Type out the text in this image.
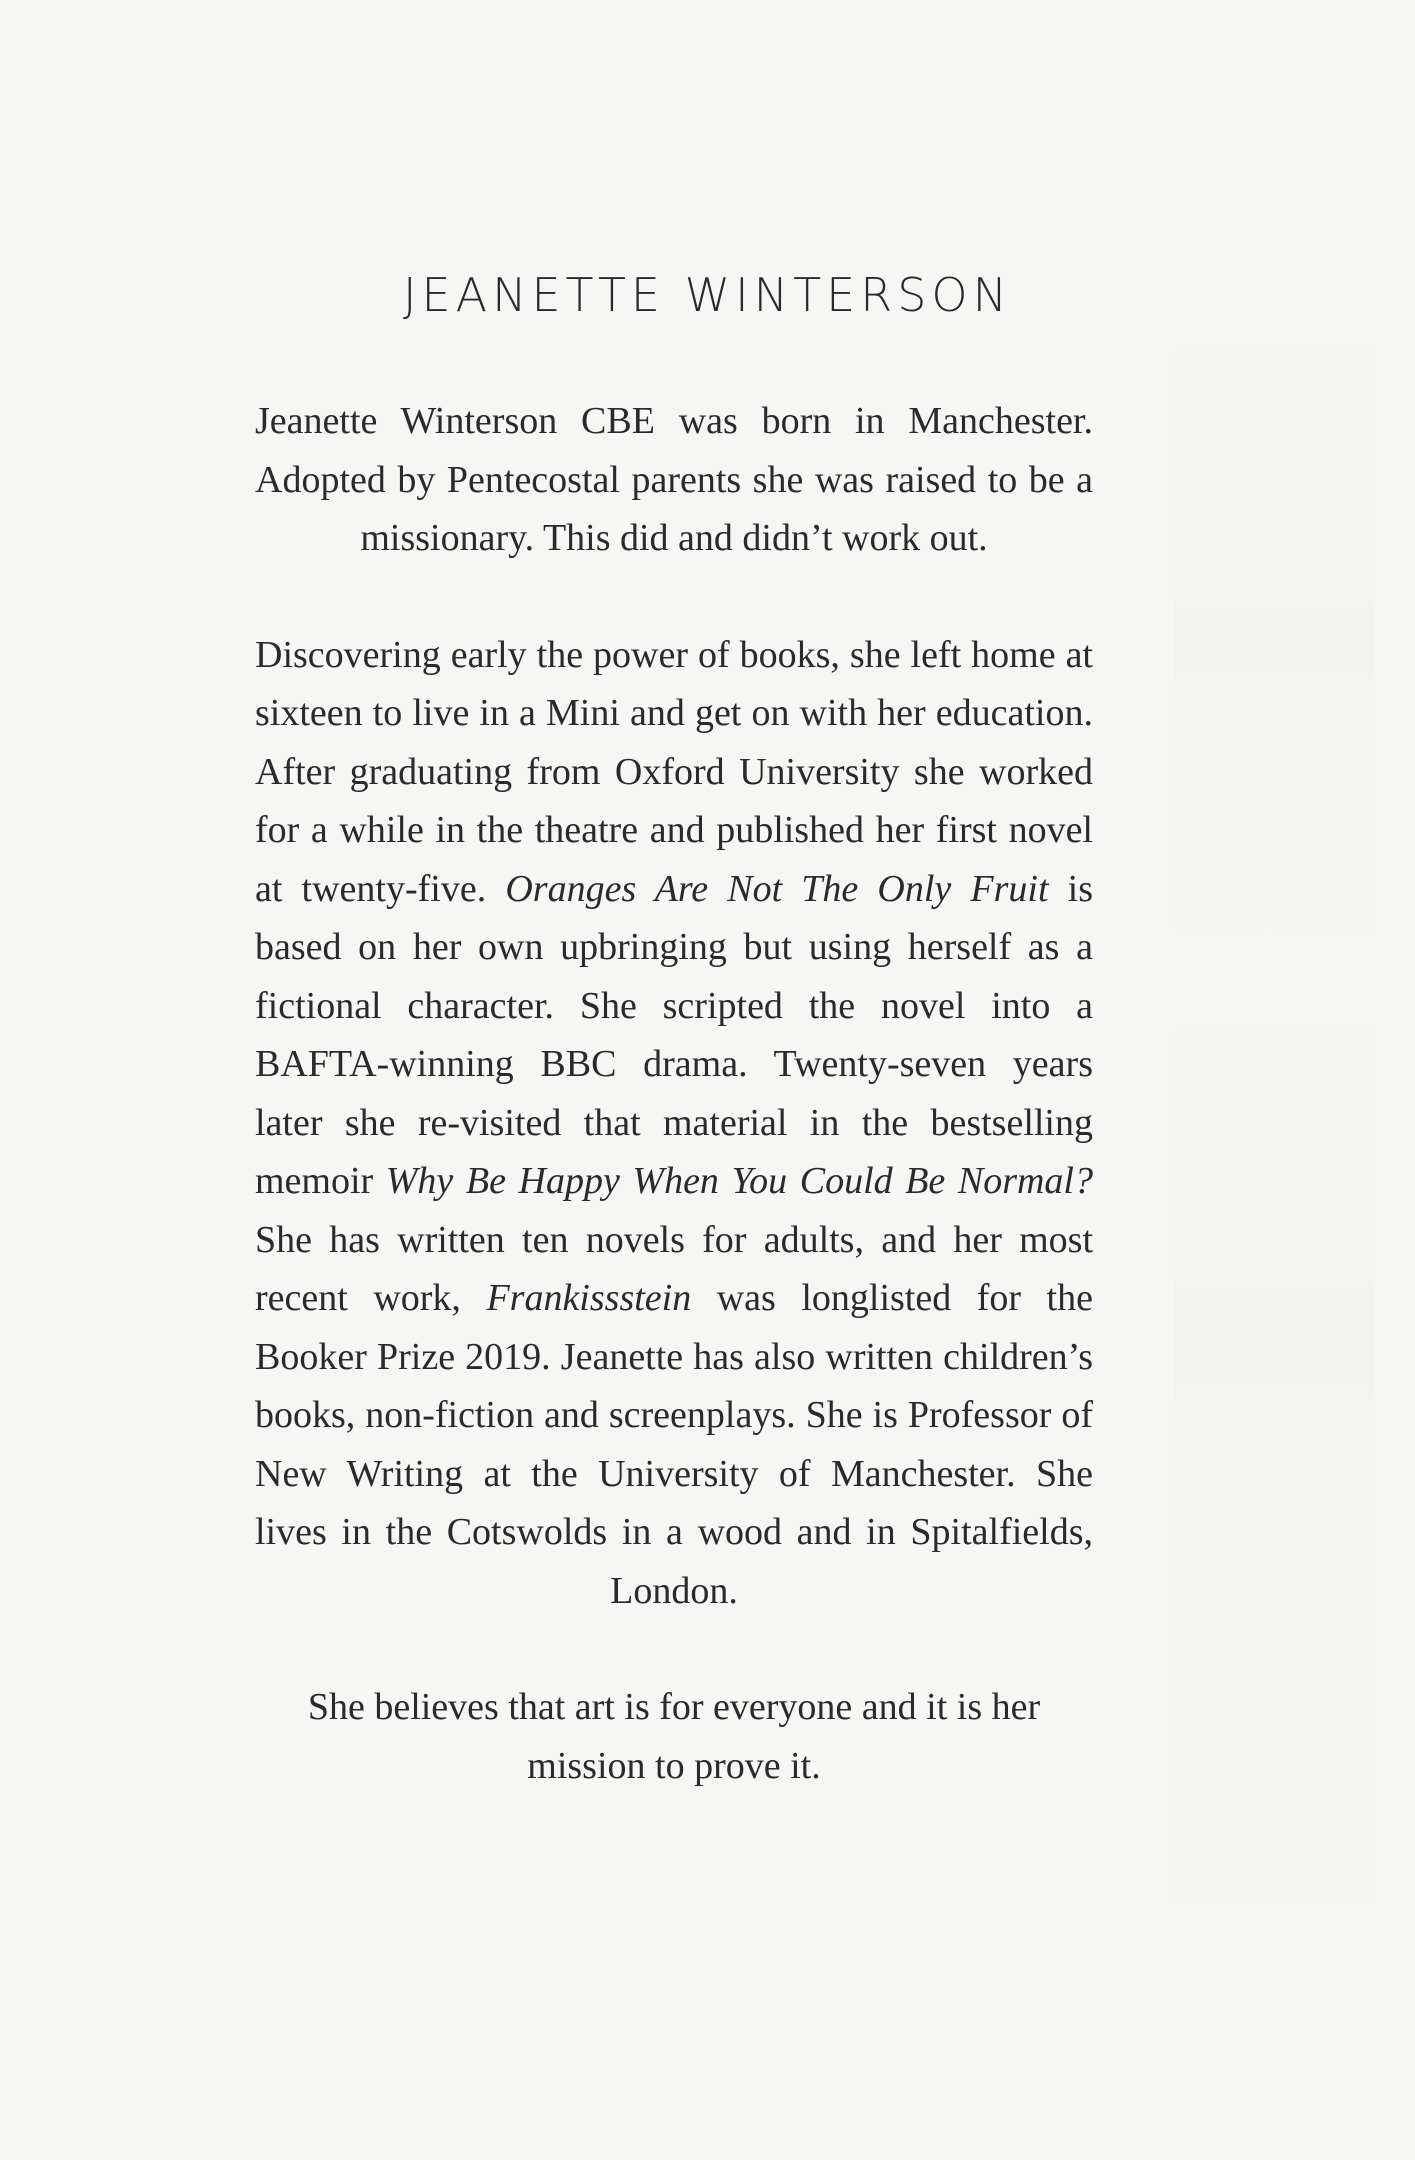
JEANETTE WINTERSON

Jeanette Winterson CBE was born in Manchester. Adopted by Pentecostal parents she was raised to be a missionary. This did and didn’t work out.

Discovering early the power of books, she left home at sixteen to live in a Mini and get on with her education. After graduating from Oxford University she worked for a while in the theatre and published her first novel at twenty-five. Oranges Are Not The Only Fruit is based on her own upbringing but using herself as a fictional character. She scripted the novel into a BAFTA-winning BBC drama. Twenty-seven years later she re-visited that material in the bestselling memoir Why Be Happy When You Could Be Normal? She has written ten novels for adults, and her most recent work, Frankissstein was longlisted for the Booker Prize 2019. Jeanette has also written children’s books, non-fiction and screenplays. She is Professor of New Writing at the University of Manchester. She lives in the Cotswolds in a wood and in Spitalfields, London.

She believes that art is for everyone and it is her mission to prove it.
